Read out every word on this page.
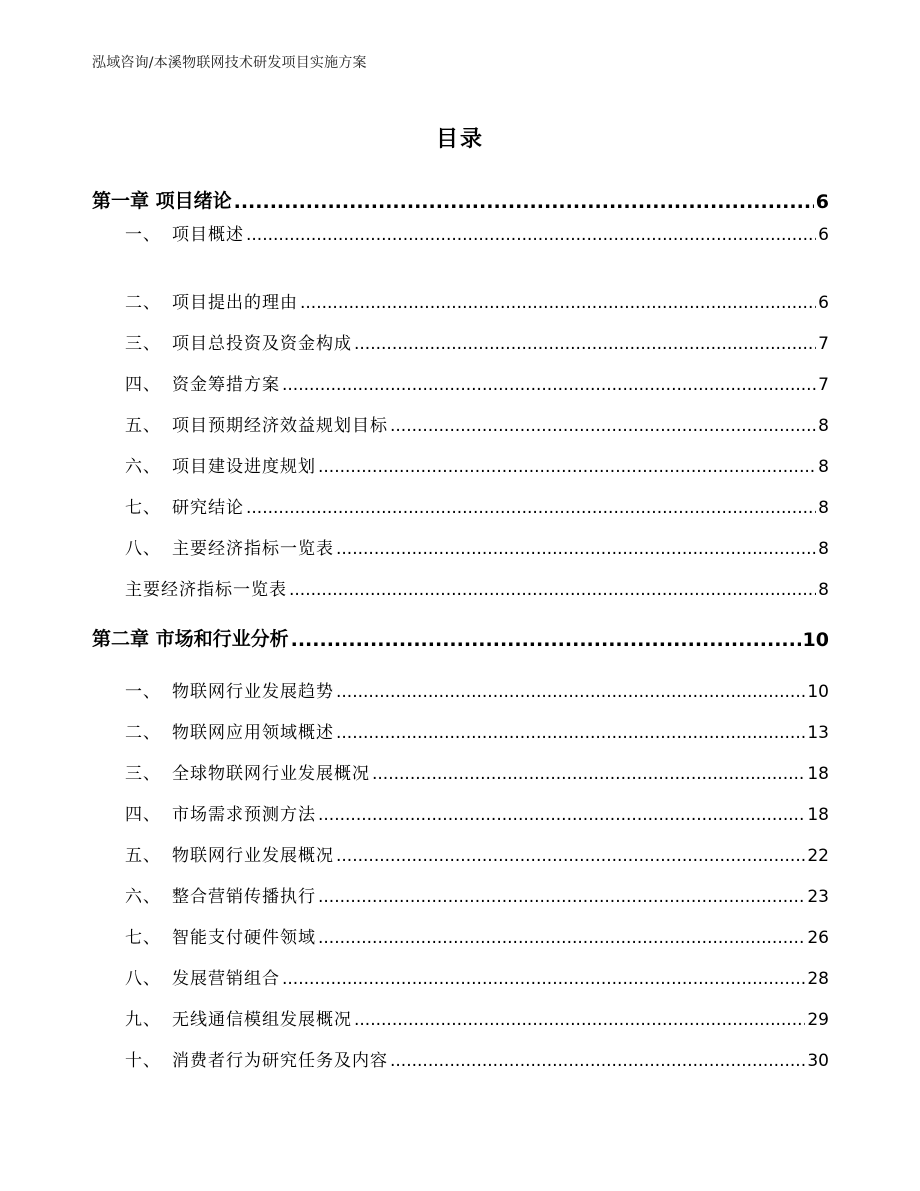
泓域咨询/本溪物联网技术研发项目实施方案
目录
第一章 项目绪论 .....	6
一、 项目概述 .....	6
二、 项目提出的理由 .....	6
三、 项目总投资及资金构成 .....	7
四、 资金筹措方案 .....	7
五、 项目预期经济效益规划目标 .....	8
六、 项目建设进度规划 .....	8
七、 研究结论 .....	8
八、 主要经济指标一览表 .....	8
主要经济指标一览表 .....	8
第二章 市场和行业分析 .....	10
一、 物联网行业发展趋势 .....	10
二、 物联网应用领域概述 .....	13
三、 全球物联网行业发展概况 .....	18
四、 市场需求预测方法 .....	18
五、 物联网行业发展概况 .....	22
六、 整合营销传播执行 .....	23
七、 智能支付硬件领域 .....	26
八、 发展营销组合 .....	28
九、 无线通信模组发展概况 .....	29
十、 消费者行为研究任务及内容 .....	30
